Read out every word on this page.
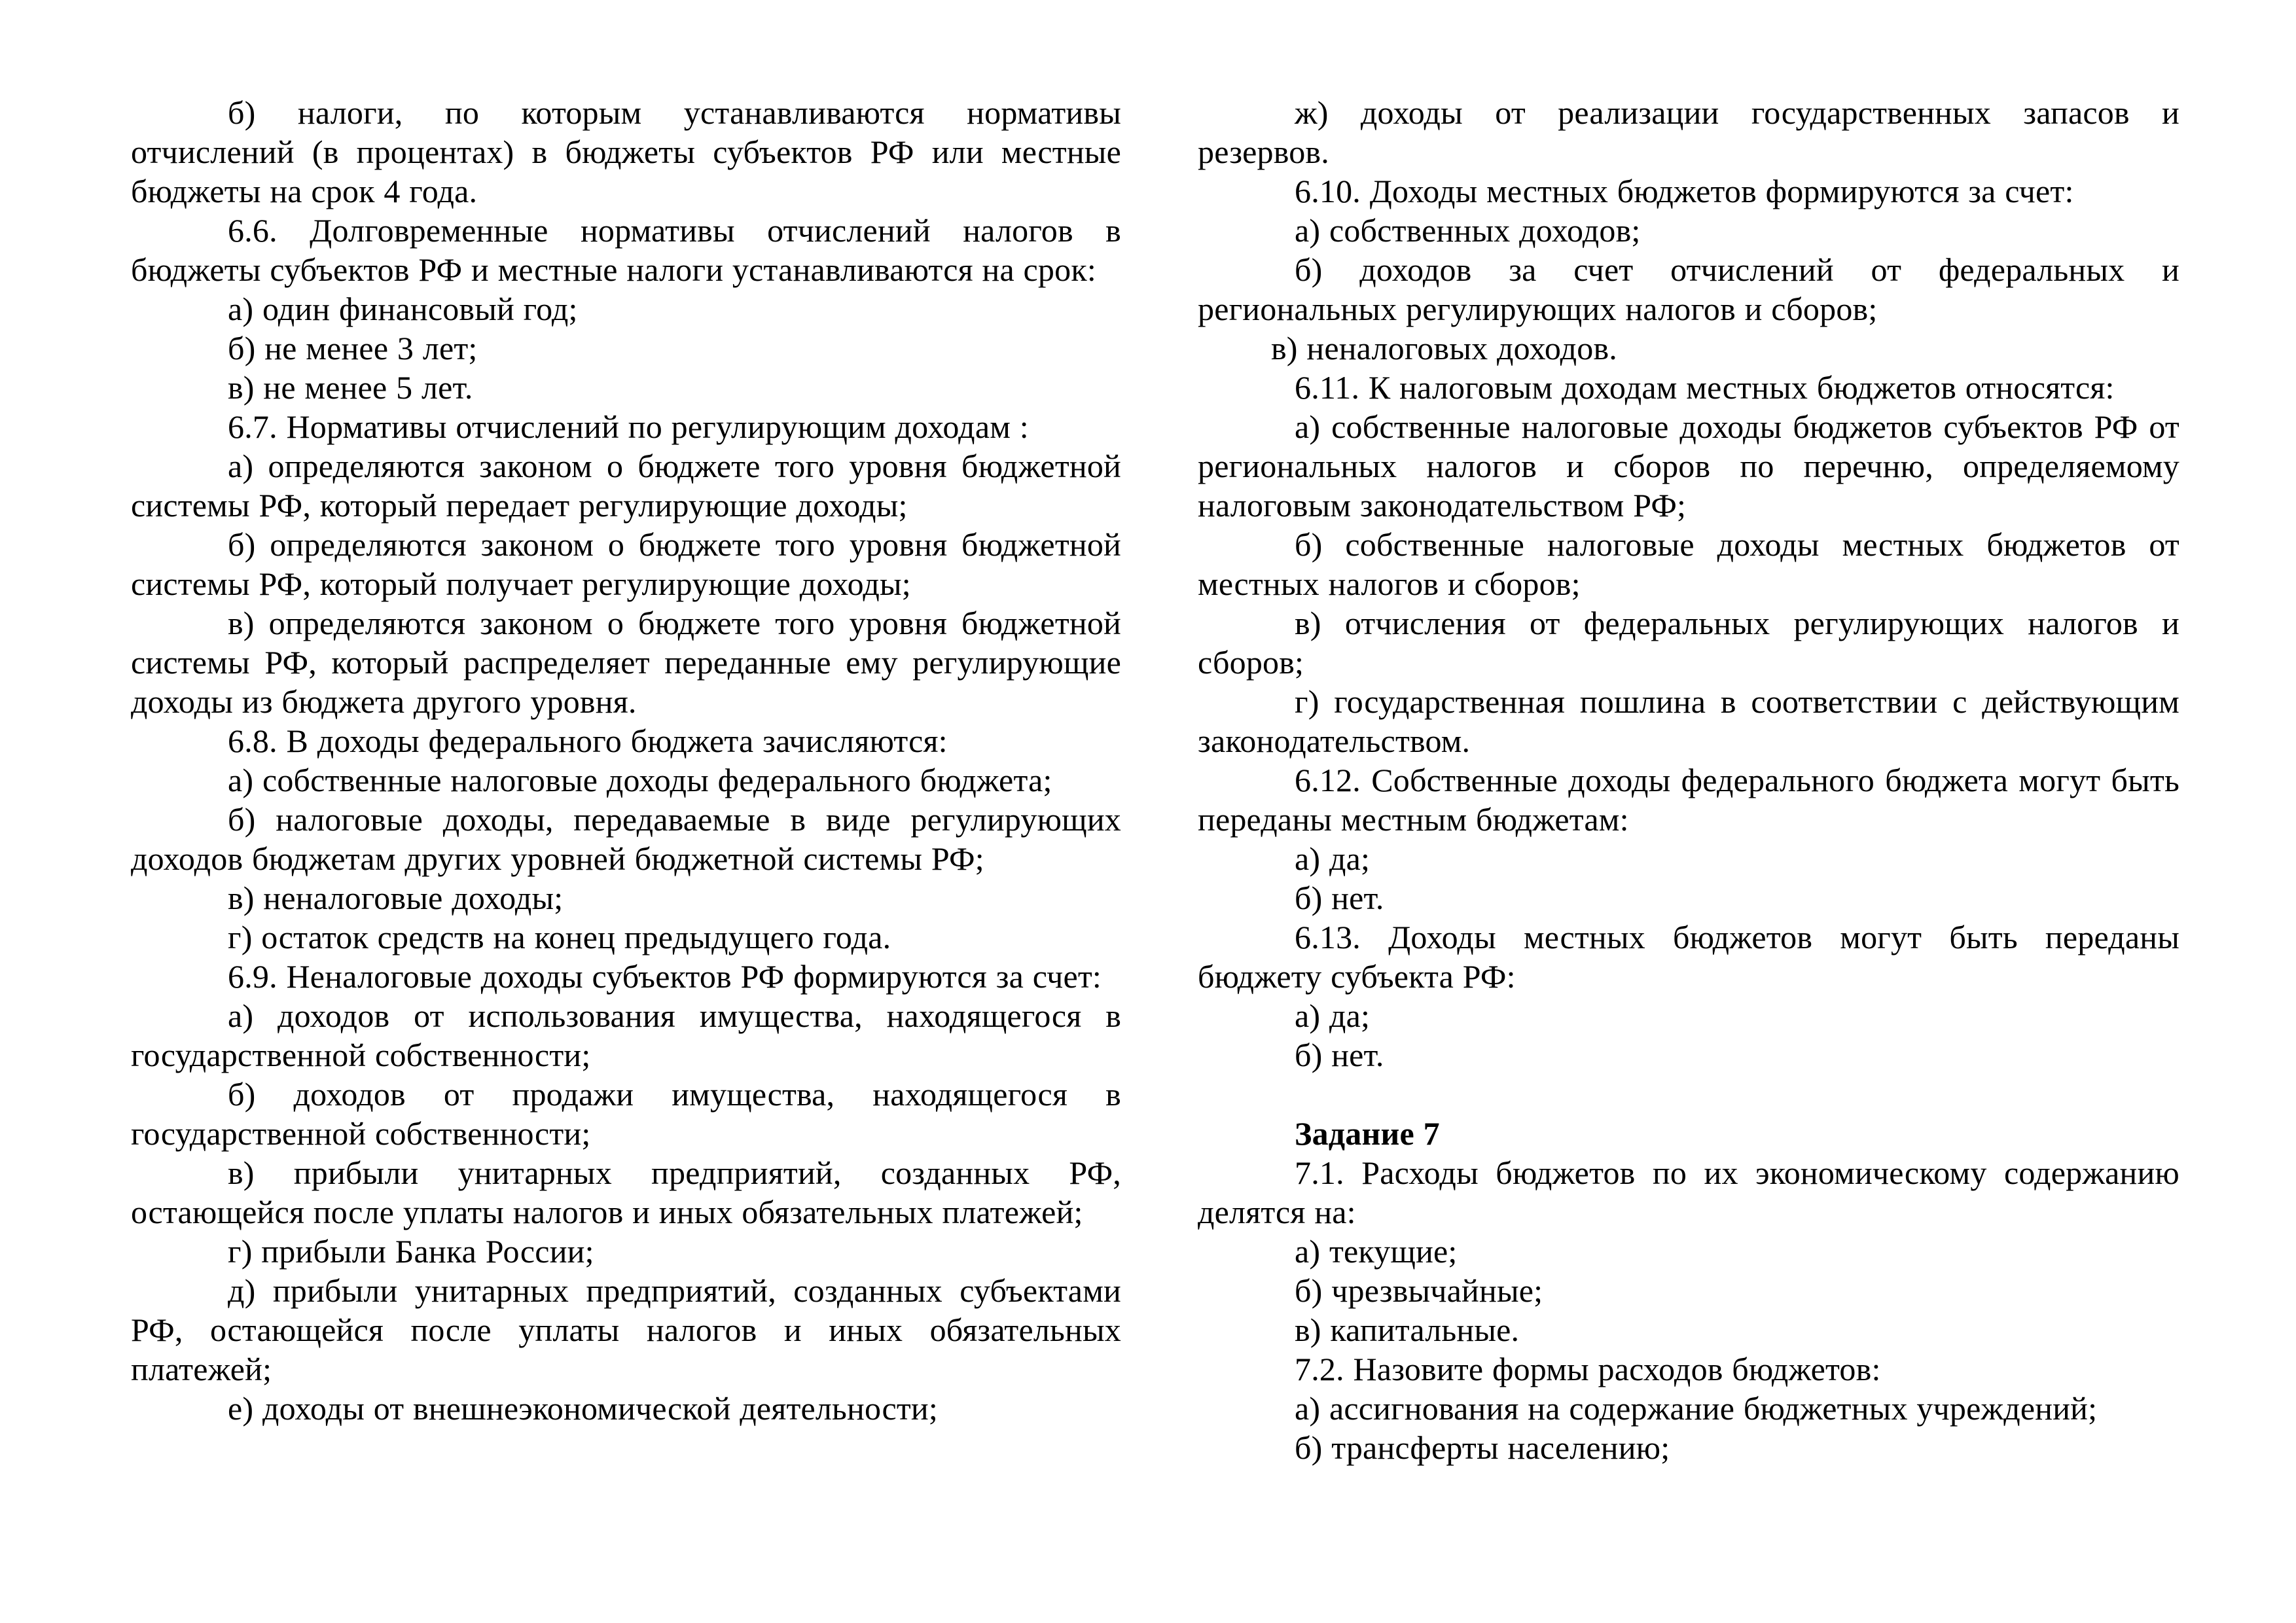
б) налоги, по которым устанавливаются нормативы отчислений (в процентах) в бюджеты субъектов РФ или местные бюджеты на срок 4 года.

6.6. Долговременные нормативы отчислений налогов в бюджеты субъектов РФ и местные налоги устанавливаются на срок:

а) один финансовый год;

б) не менее 3 лет;

в) не менее 5 лет.

6.7. Нормативы отчислений по регулирующим доходам :

а) определяются законом о бюджете того уровня бюджетной системы РФ, который передает регулирующие доходы;

б) определяются законом о бюджете того уровня бюджетной системы РФ, который получает регулирующие доходы;

в) определяются законом о бюджете того уровня бюджетной системы РФ, который распределяет переданные ему регулирующие доходы из бюджета другого уровня.

6.8. В доходы федерального бюджета зачисляются:

а) собственные налоговые доходы федерального бюджета;

б) налоговые доходы, передаваемые в виде регулирующих доходов бюджетам других уровней бюджетной системы РФ;

в) неналоговые доходы;

г) остаток средств на конец предыдущего года.

6.9. Неналоговые доходы субъектов РФ формируются за счет:

а) доходов от использования имущества, находящегося в государственной собственности;

б) доходов от продажи имущества, находящегося в государственной собственности;

в) прибыли унитарных предприятий, созданных РФ, остающейся после уплаты налогов и иных обязательных платежей;

г) прибыли Банка России;

д) прибыли унитарных предприятий, созданных субъектами РФ, остающейся после уплаты налогов и иных обязательных платежей;

е) доходы от внешнеэкономической деятельности;

ж) доходы от реализации государственных запасов и резервов.

6.10. Доходы местных бюджетов формируются за счет:

а) собственных доходов;

б) доходов за счет отчислений от федеральных и региональных регулирующих налогов и сборов;

в) неналоговых доходов.

6.11. К налоговым доходам местных бюджетов относятся:

а) собственные налоговые доходы бюджетов субъектов РФ от региональных налогов и сборов по перечню, определяемому налоговым законодательством РФ;

б) собственные налоговые доходы местных бюджетов от местных налогов и сборов;

в) отчисления от федеральных регулирующих налогов и сборов;

г) государственная пошлина в соответствии с действующим законодательством.

6.12. Собственные доходы федерального бюджета могут быть переданы местным бюджетам:

а) да;

б) нет.

6.13. Доходы местных бюджетов могут быть переданы бюджету субъекта РФ:

а) да;

б) нет.

Задание 7

7.1. Расходы бюджетов по их экономическому содержанию делятся на:

а) текущие;

б) чрезвычайные;

в) капитальные.

7.2. Назовите формы расходов бюджетов:

а) ассигнования на содержание бюджетных учреждений;

б) трансферты населению;
